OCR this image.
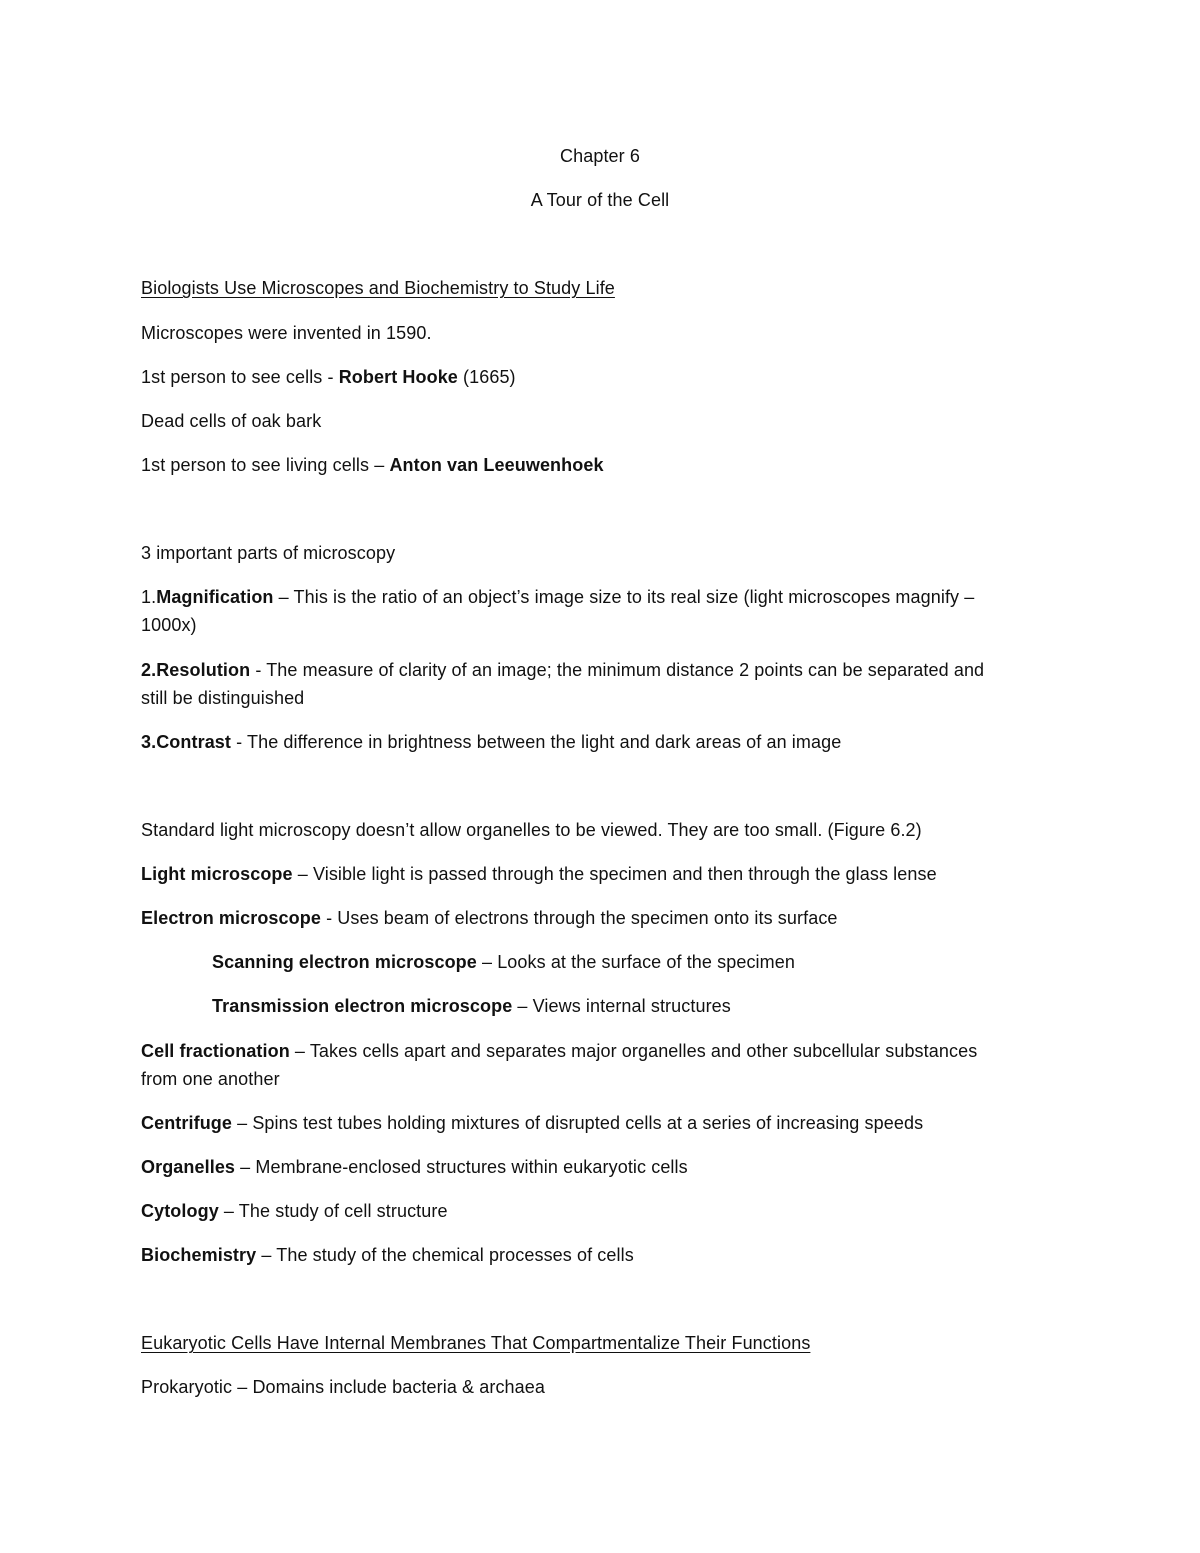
Chapter 6
A Tour of the Cell
Biologists Use Microscopes and Biochemistry to Study Life
Microscopes were invented in 1590.
1st person to see cells - Robert Hooke (1665)
Dead cells of oak bark
1st person to see living cells – Anton van Leeuwenhoek
3 important parts of microscopy
1.Magnification – This is the ratio of an object’s image size to its real size (light microscopes magnify –
1000x)
2.Resolution - The measure of clarity of an image; the minimum distance 2 points can be separated and
still be distinguished
3.Contrast - The difference in brightness between the light and dark areas of an image
Standard light microscopy doesn’t allow organelles to be viewed. They are too small. (Figure 6.2)
Light microscope – Visible light is passed through the specimen and then through the glass lense
Electron microscope - Uses beam of electrons through the specimen onto its surface
Scanning electron microscope – Looks at the surface of the specimen
Transmission electron microscope – Views internal structures
Cell fractionation – Takes cells apart and separates major organelles and other subcellular substances
from one another
Centrifuge – Spins test tubes holding mixtures of disrupted cells at a series of increasing speeds
Organelles – Membrane-enclosed structures within eukaryotic cells
Cytology – The study of cell structure
Biochemistry – The study of the chemical processes of cells
Eukaryotic Cells Have Internal Membranes That Compartmentalize Their Functions
Prokaryotic – Domains include bacteria & archaea
